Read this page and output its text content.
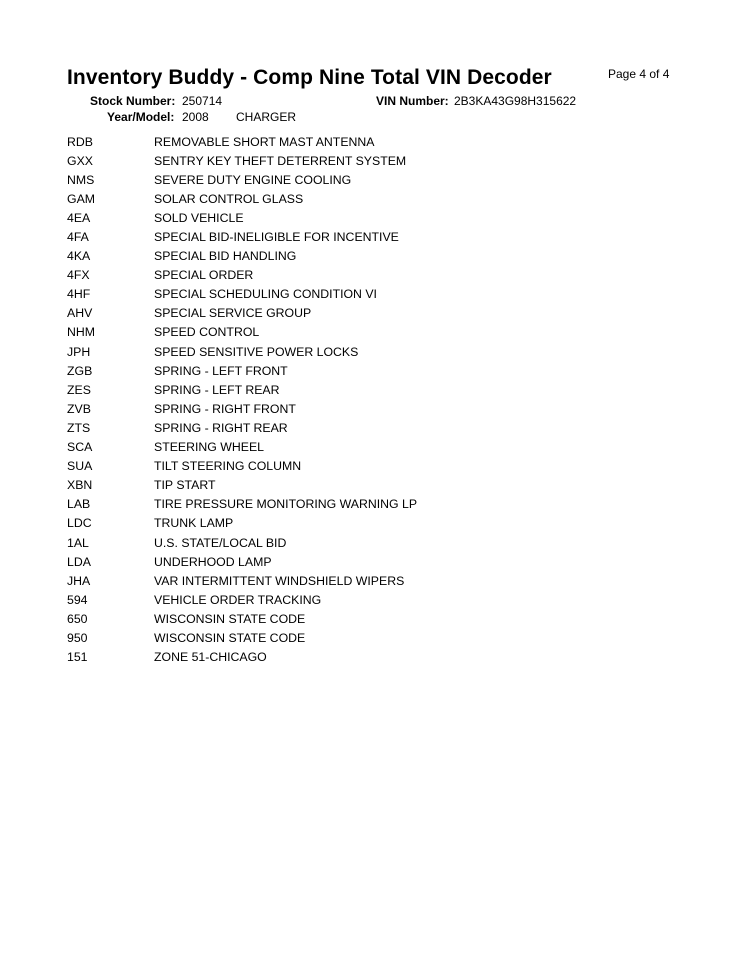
Inventory Buddy - Comp Nine Total VIN Decoder	Page 4 of 4
Stock Number: 250714	VIN Number: 2B3KA43G98H315622
Year/Model: 2008 CHARGER
RDB	REMOVABLE SHORT MAST ANTENNA
GXX	SENTRY KEY THEFT DETERRENT SYSTEM
NMS	SEVERE DUTY ENGINE COOLING
GAM	SOLAR CONTROL GLASS
4EA	SOLD VEHICLE
4FA	SPECIAL BID-INELIGIBLE FOR INCENTIVE
4KA	SPECIAL BID HANDLING
4FX	SPECIAL ORDER
4HF	SPECIAL SCHEDULING CONDITION VI
AHV	SPECIAL SERVICE GROUP
NHM	SPEED CONTROL
JPH	SPEED SENSITIVE POWER LOCKS
ZGB	SPRING - LEFT FRONT
ZES	SPRING - LEFT REAR
ZVB	SPRING - RIGHT FRONT
ZTS	SPRING - RIGHT REAR
SCA	STEERING WHEEL
SUA	TILT STEERING COLUMN
XBN	TIP START
LAB	TIRE PRESSURE MONITORING WARNING LP
LDC	TRUNK LAMP
1AL	U.S. STATE/LOCAL BID
LDA	UNDERHOOD LAMP
JHA	VAR INTERMITTENT WINDSHIELD WIPERS
594	VEHICLE ORDER TRACKING
650	WISCONSIN STATE CODE
950	WISCONSIN STATE CODE
151	ZONE 51-CHICAGO
